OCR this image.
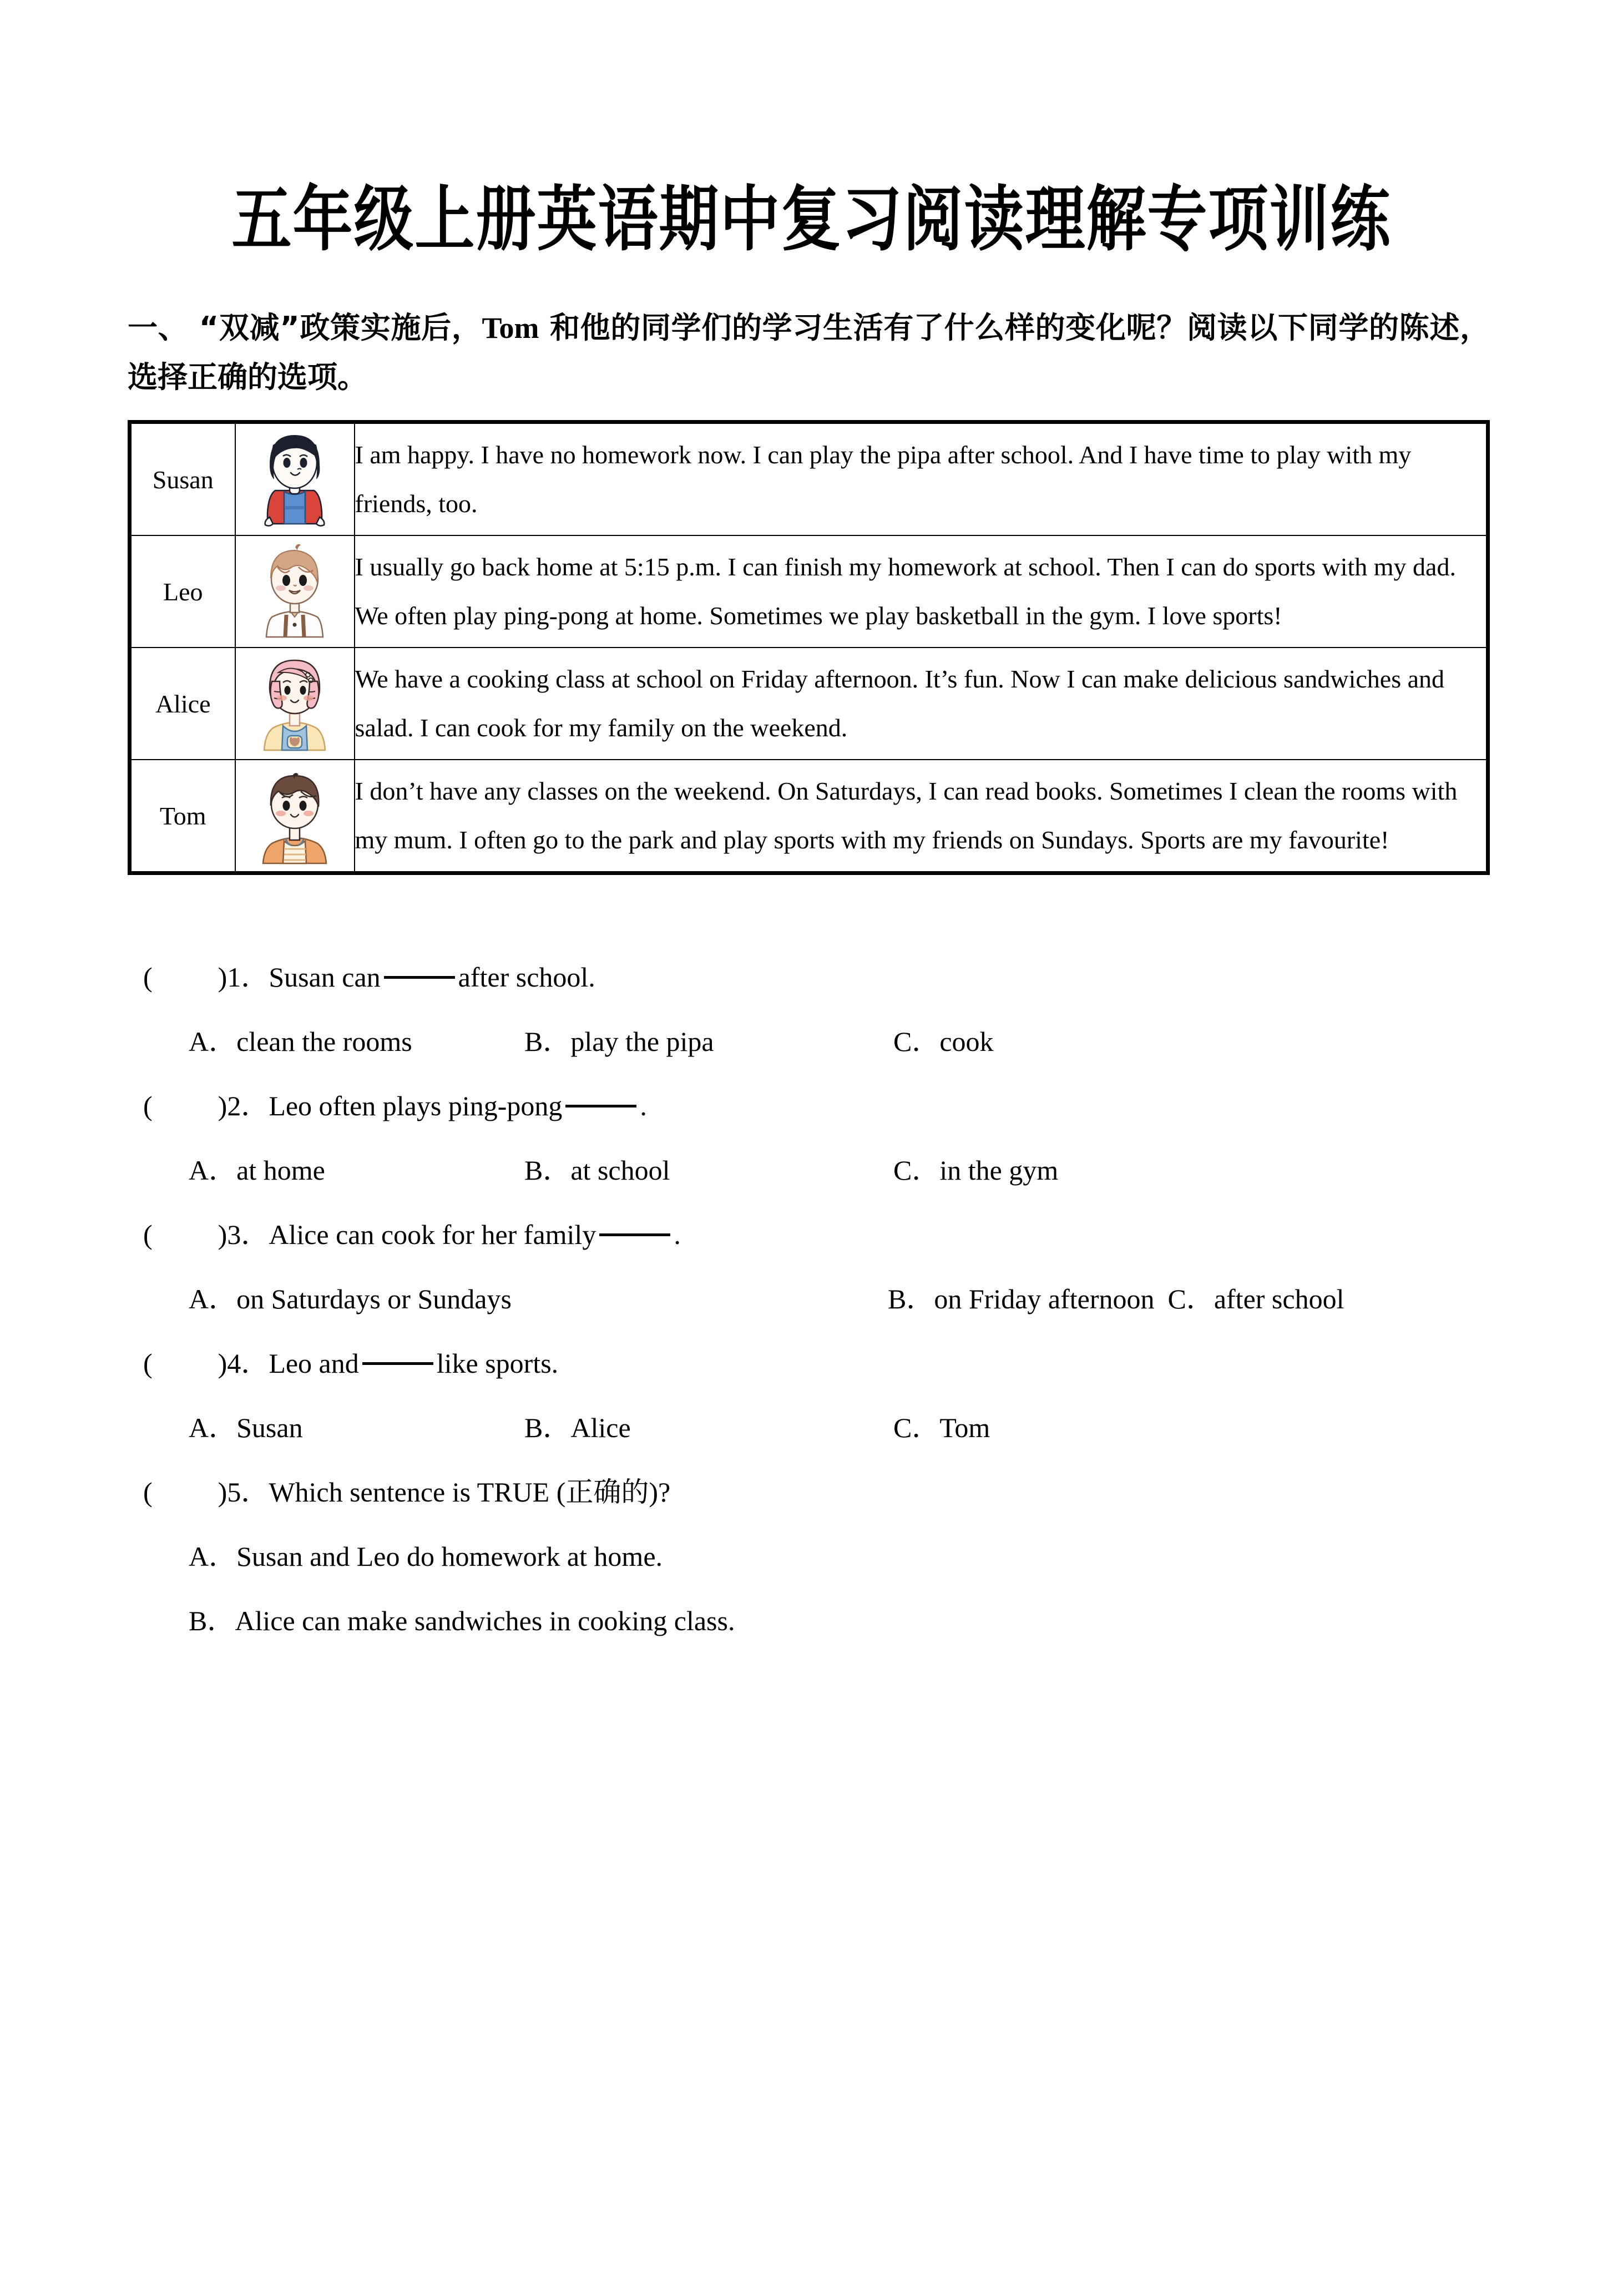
五年级上册英语期中复习阅读理解专项训练
一、 “双减”政策实施后，Tom 和他的同学们的学习生活有了什么样的变化呢？阅读以下同学的陈述，选择正确的选项。
Susan		I am happy. I have no homework now. I can play the pipa after school. And I have time to play with my friends, too.
Leo		I usually go back home at 5:15 p.m. I can finish my homework at school. Then I can do sports with my dad. We often play ping-pong at home. Sometimes we play basketball in the gym. I love sports!
Alice		We have a cooking class at school on Friday afternoon. It’s fun. Now I can make delicious sandwiches and salad. I can cook for my family on the weekend.
Tom		I don’t have any classes on the weekend. On Saturdays, I can read books. Sometimes I clean the rooms with my mum. I often go to the park and play sports with my friends on Sundays. Sports are my favourite!
( ) 1． Susan can	after school.
A．clean the rooms	B．play the pipa	C．cook
( ) 2． Leo often plays ping-pong	.
A．at home	B．at school	C．in the gym
( ) 3． Alice can cook for her family	.
A．on Saturdays or Sundays	B．on Friday afternoon C．after school
( ) 4． Leo and	like sports.
A．Susan	B．Alice	C．Tom
( ) 5． Which sentence is TRUE (正确的)?
A．Susan and Leo do homework at home.
B．Alice can make sandwiches in cooking class.
